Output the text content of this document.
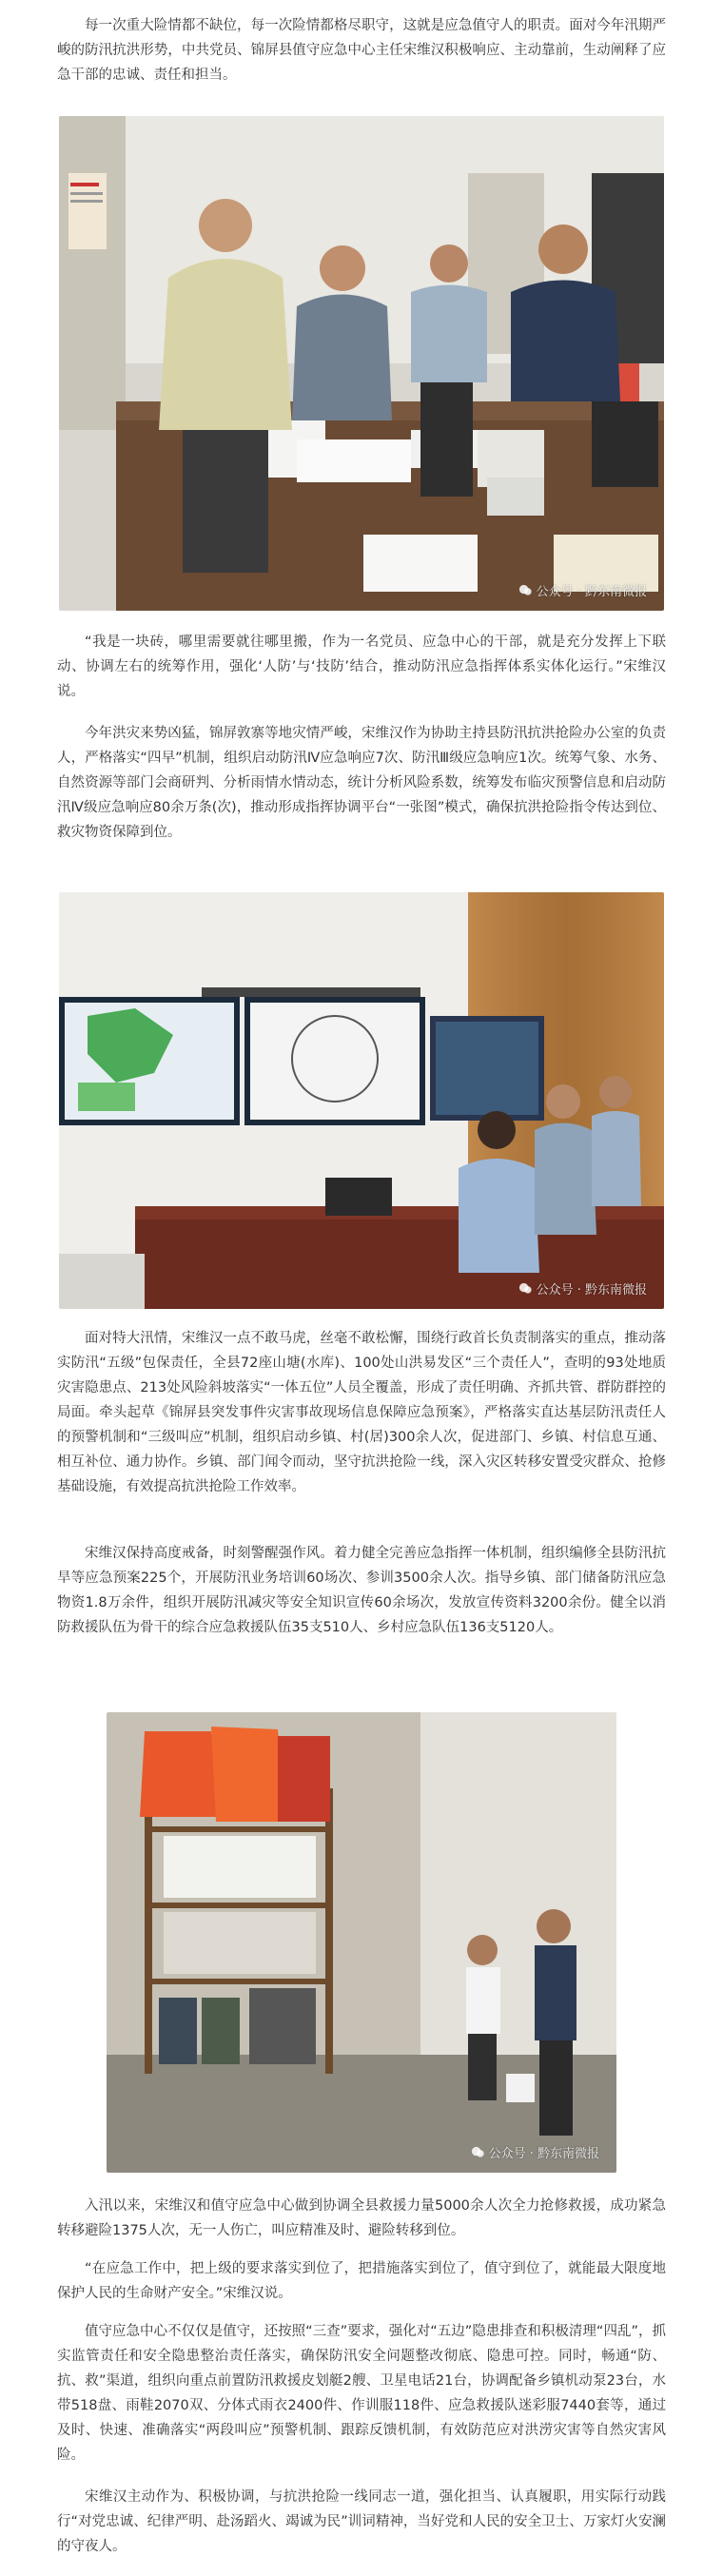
每一次重大险情都不缺位，每一次险情都格尽职守，这就是应急值守人的职责。面对今年汛期严峻的防汛抗洪形势，中共党员、锦屏县值守应急中心主任宋维汉积极响应、主动靠前，生动阐释了应急干部的忠诚、责任和担当。

公众号 · 黔东南微报

“我是一块砖，哪里需要就往哪里搬，作为一名党员、应急中心的干部，就是充分发挥上下联动、协调左右的统筹作用，强化‘人防’与‘技防’结合，推动防汛应急指挥体系实体化运行。”宋维汉说。

今年洪灾来势凶猛，锦屏敦寨等地灾情严峻，宋维汉作为协助主持县防汛抗洪抢险办公室的负责人，严格落实“四早”机制，组织启动防汛Ⅳ应急响应7次、防汛Ⅲ级应急响应1次。统筹气象、水务、自然资源等部门会商研判、分析雨情水情动态，统计分析风险系数，统筹发布临灾预警信息和启动防汛Ⅳ级应急响应80余万条(次)，推动形成指挥协调平台“一张图”模式，确保抗洪抢险指令传达到位、救灾物资保障到位。

公众号 · 黔东南微报

面对特大汛情，宋维汉一点不敢马虎，丝毫不敢松懈，围绕行政首长负责制落实的重点，推动落实防汛“五级”包保责任，全县72座山塘(水库)、100处山洪易发区“三个责任人”，查明的93处地质灾害隐患点、213处风险斜坡落实“一体五位”人员全覆盖，形成了责任明确、齐抓共管、群防群控的局面。牵头起草《锦屏县突发事件灾害事故现场信息保障应急预案》，严格落实直达基层防汛责任人的预警机制和“三级叫应”机制，组织启动乡镇、村(居)300余人次，促进部门、乡镇、村信息互通、相互补位、通力协作。乡镇、部门闻令而动，坚守抗洪抢险一线，深入灾区转移安置受灾群众、抢修基础设施，有效提高抗洪抢险工作效率。

宋维汉保持高度戒备，时刻警醒强作风。着力健全完善应急指挥一体机制，组织编修全县防汛抗旱等应急预案225个，开展防汛业务培训60场次、参训3500余人次。指导乡镇、部门储备防汛应急物资1.8万余件，组织开展防汛减灾等安全知识宣传60余场次，发放宣传资料3200余份。健全以消防救援队伍为骨干的综合应急救援队伍35支510人、乡村应急队伍136支5120人。

公众号 · 黔东南微报

入汛以来，宋维汉和值守应急中心做到协调全县救援力量5000余人次全力抢修救援，成功紧急转移避险1375人次，无一人伤亡，叫应精准及时、避险转移到位。

“在应急工作中，把上级的要求落实到位了，把措施落实到位了，值守到位了，就能最大限度地保护人民的生命财产安全。”宋维汉说。

值守应急中心不仅仅是值守，还按照“三查”要求，强化对“五边”隐患排查和积极清理“四乱”，抓实监管责任和安全隐患整治责任落实，确保防汛安全问题整改彻底、隐患可控。同时，畅通“防、抗、救”渠道，组织向重点前置防汛救援皮划艇2艘、卫星电话21台，协调配备乡镇机动泵23台，水带518盘、雨鞋2070双、分体式雨衣2400件、作训服118件、应急救援队迷彩服7440套等，通过及时、快速、准确落实“两段叫应”预警机制、跟踪反馈机制，有效防范应对洪涝灾害等自然灾害风险。

宋维汉主动作为、积极协调，与抗洪抢险一线同志一道，强化担当、认真履职，用实际行动践行“对党忠诚、纪律严明、赴汤蹈火、竭诚为民”训词精神，当好党和人民的安全卫士、万家灯火安澜的守夜人。
